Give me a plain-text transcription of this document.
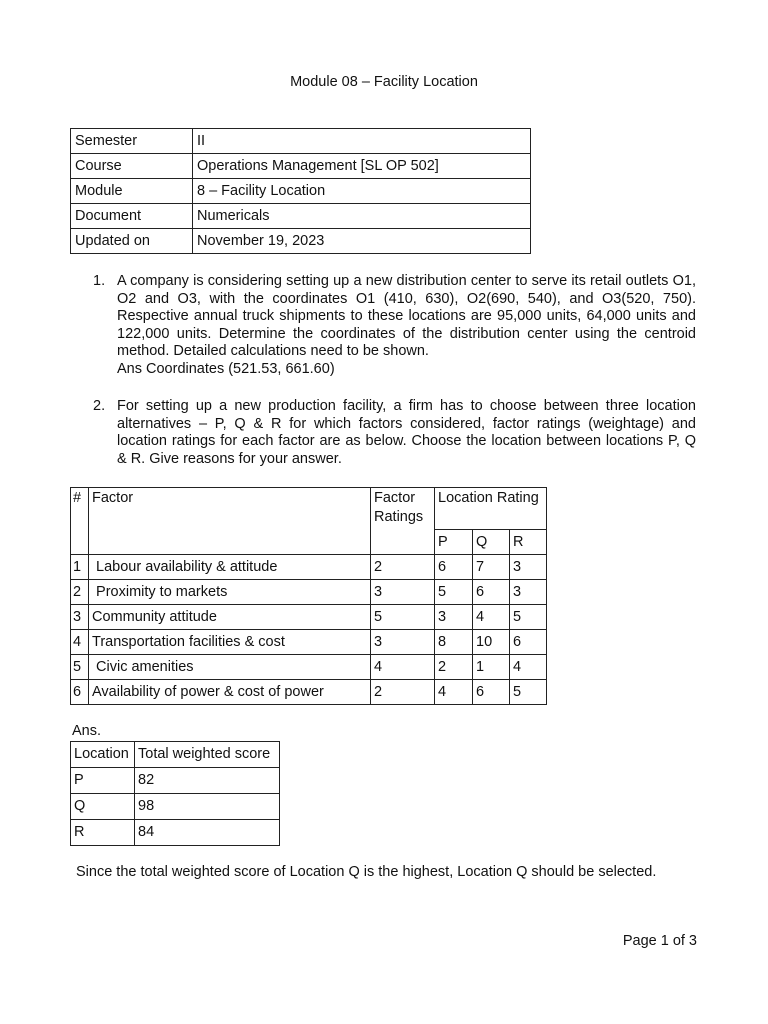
Module 08 – Facility Location
Semester	II
Course	Operations Management [SL OP 502]
Module	8 – Facility Location
Document	Numericals
Updated on	November 19, 2023
1. A company is considering setting up a new distribution center to serve its retail outlets O1, O2 and O3, with the coordinates O1 (410, 630), O2(690, 540), and O3(520, 750). Respective annual truck shipments to these locations are 95,000 units, 64,000 units and 122,000 units. Determine the coordinates of the distribution center using the centroid method. Detailed calculations need to be shown.
Ans Coordinates (521.53, 661.60)
2. For setting up a new production facility, a firm has to choose between three location alternatives – P, Q & R for which factors considered, factor ratings (weightage) and location ratings for each factor are as below. Choose the location between locations P, Q & R. Give reasons for your answer.
#	Factor	Factor Ratings	Location Rating		
			P	Q	R
1	Labour availability & attitude	2	6	7	3
2	Proximity to markets	3	5	6	3
3	Community attitude	5	3	4	5
4	Transportation facilities & cost	3	8	10	6
5	Civic amenities	4	2	1	4
6	Availability of power & cost of power	2	4	6	5
Ans.
Location	Total weighted score
P	82
Q	98
R	84
Since the total weighted score of Location Q is the highest, Location Q should be selected.
Page 1 of 3
